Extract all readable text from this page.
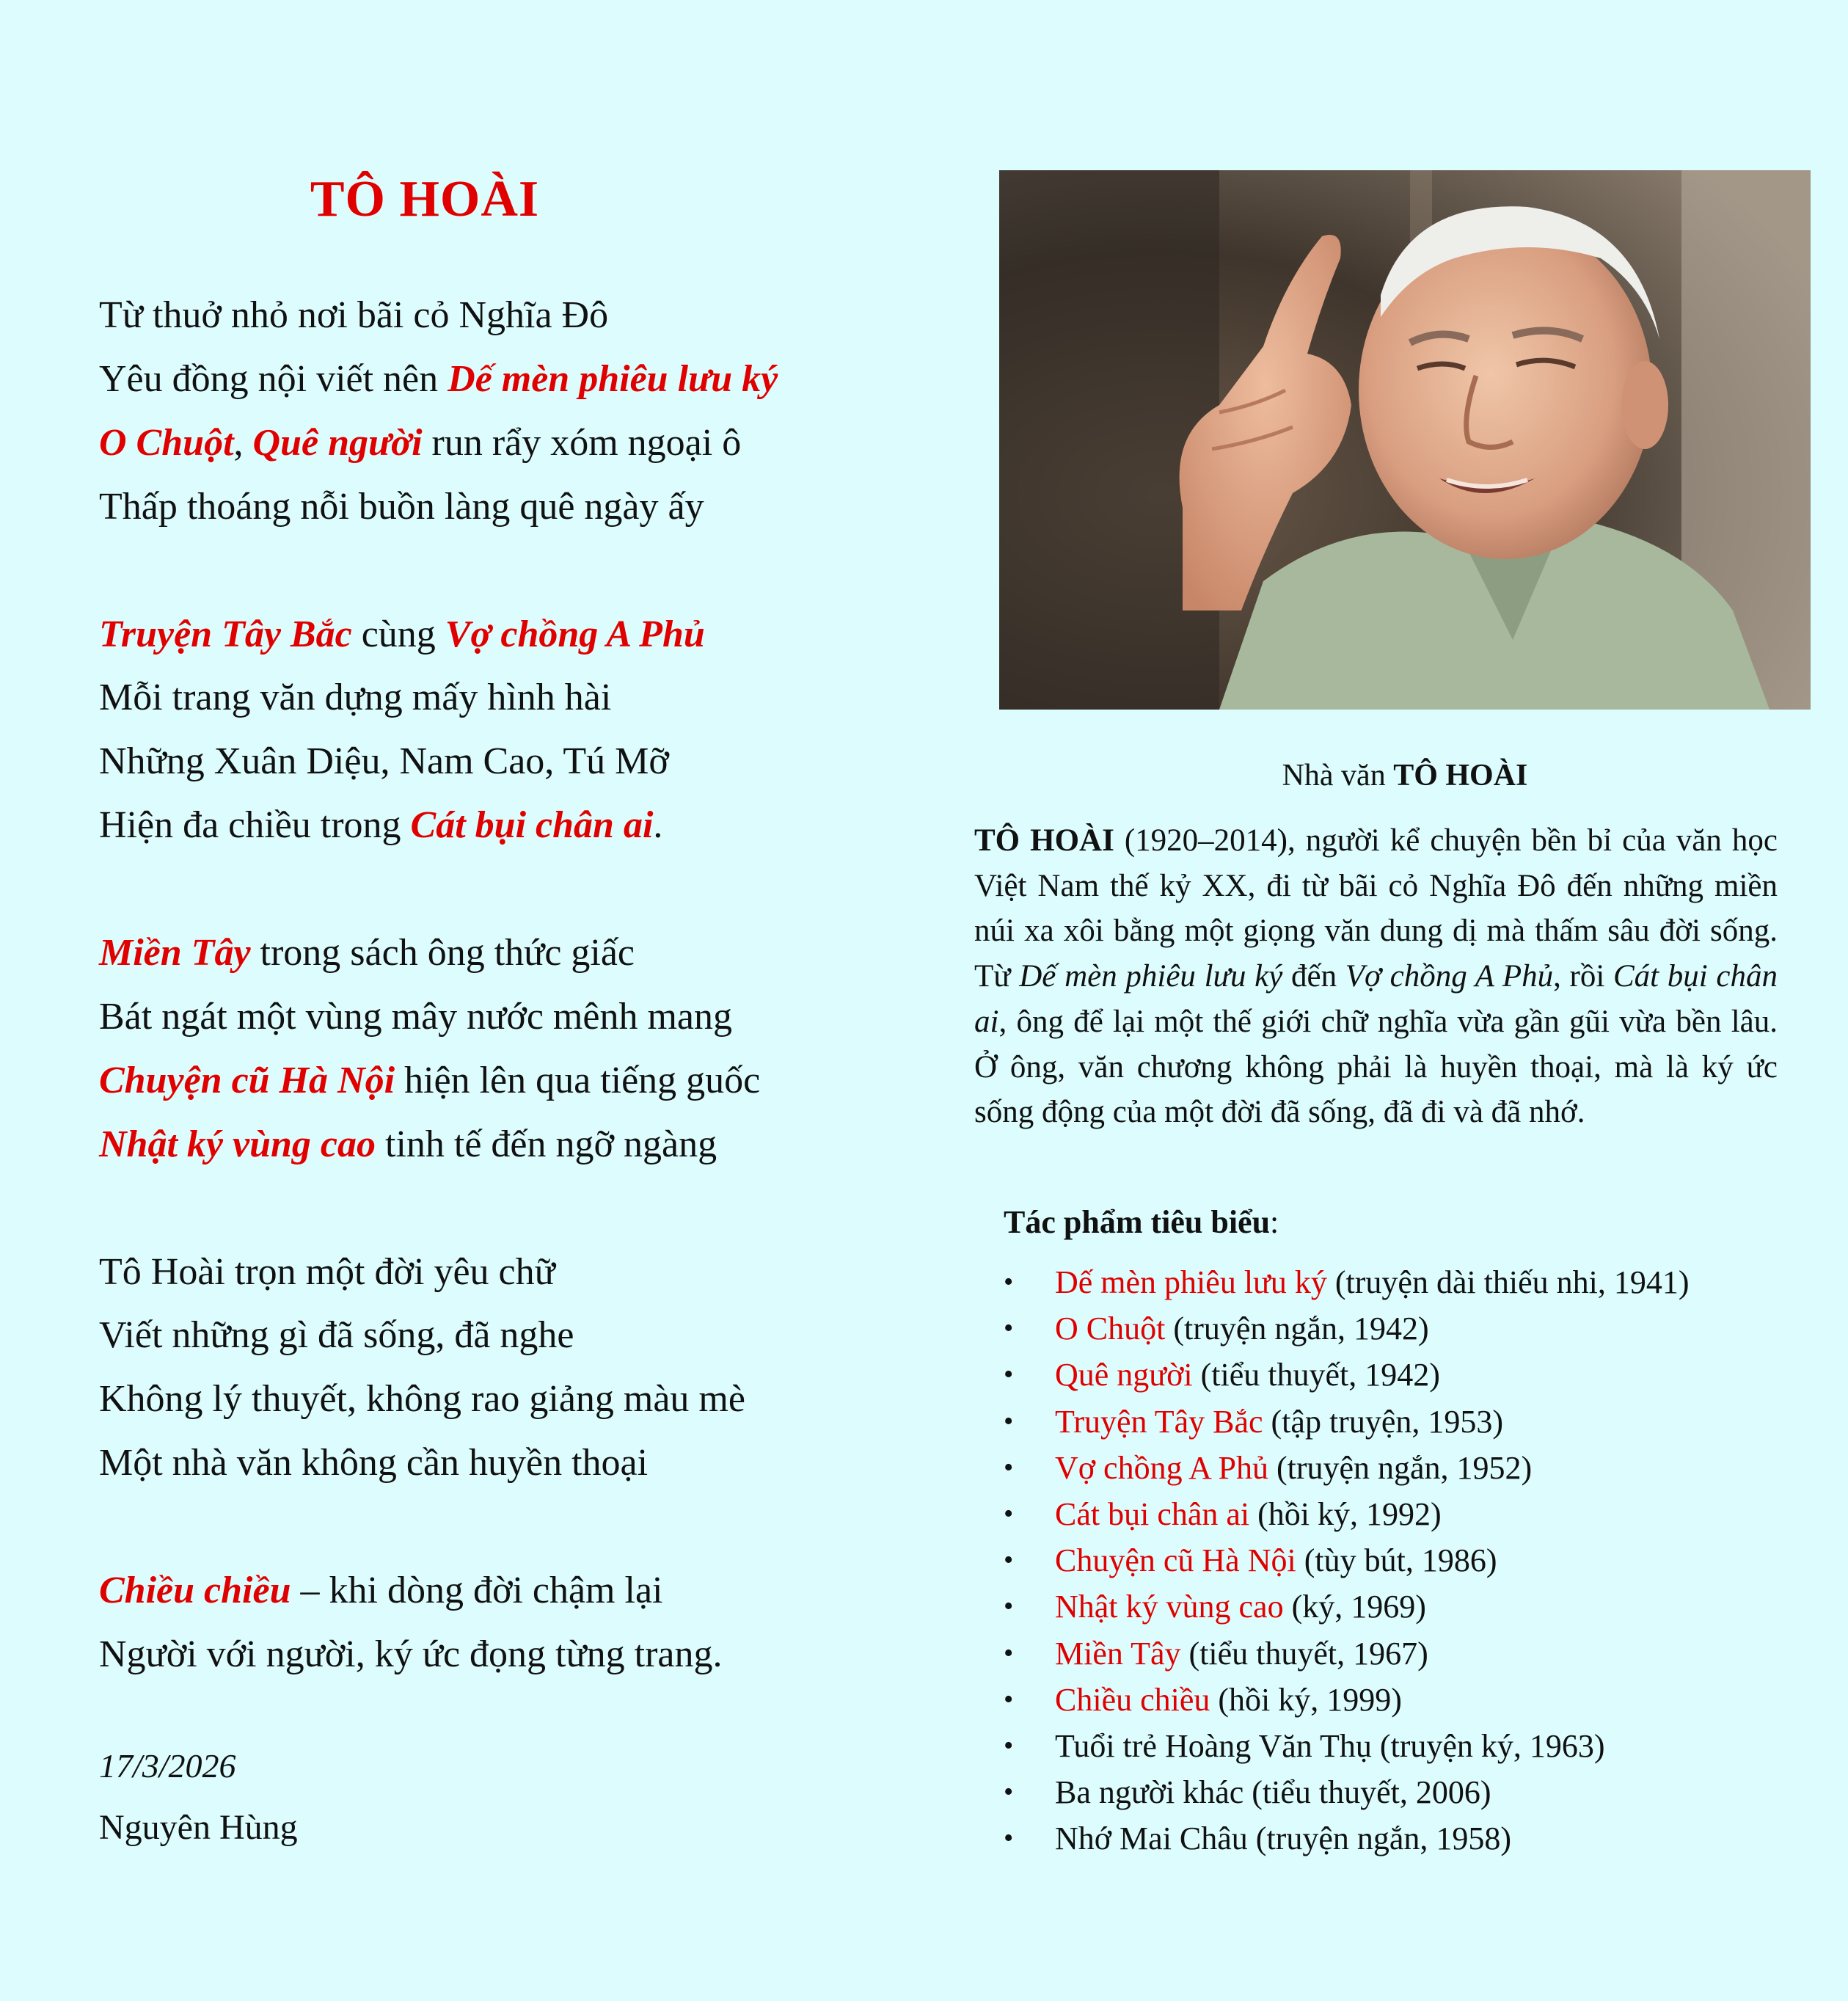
TÔ HOÀI

Từ thuở nhỏ nơi bãi cỏ Nghĩa Đô

Yêu đồng nội viết nên Dế mèn phiêu lưu ký

O Chuột, Quê người run rẩy xóm ngoại ô

Thấp thoáng nỗi buồn làng quê ngày ấy

Truyện Tây Bắc cùng Vợ chồng A Phủ

Mỗi trang văn dựng mấy hình hài

Những Xuân Diệu, Nam Cao, Tú Mỡ

Hiện đa chiều trong Cát bụi chân ai.

Miền Tây trong sách ông thức giấc

Bát ngát một vùng mây nước mênh mang

Chuyện cũ Hà Nội hiện lên qua tiếng guốc

Nhật ký vùng cao tinh tế đến ngỡ ngàng

Tô Hoài trọn một đời yêu chữ

Viết những gì đã sống, đã nghe

Không lý thuyết, không rao giảng màu mè

Một nhà văn không cần huyền thoại

Chiều chiều – khi dòng đời chậm lại

Người với người, ký ức đọng từng trang.

17/3/2026

Nguyên Hùng

Nhà văn TÔ HOÀI

TÔ HOÀI (1920–2014), người kể chuyện bền bỉ của văn học Việt Nam thế kỷ XX, đi từ bãi cỏ Nghĩa Đô đến những miền núi xa xôi bằng một giọng văn dung dị mà thấm sâu đời sống. Từ Dế mèn phiêu lưu ký đến Vợ chồng A Phủ, rồi Cát bụi chân ai, ông để lại một thế giới chữ nghĩa vừa gần gũi vừa bền lâu. Ở ông, văn chương không phải là huyền thoại, mà là ký ức sống động của một đời đã sống, đã đi và đã nhớ.

Tác phẩm tiêu biểu:

• Dế mèn phiêu lưu ký (truyện dài thiếu nhi, 1941)
• O Chuột (truyện ngắn, 1942)
• Quê người (tiểu thuyết, 1942)
• Truyện Tây Bắc (tập truyện, 1953)
• Vợ chồng A Phủ (truyện ngắn, 1952)
• Cát bụi chân ai (hồi ký, 1992)
• Chuyện cũ Hà Nội (tùy bút, 1986)
• Nhật ký vùng cao (ký, 1969)
• Miền Tây (tiểu thuyết, 1967)
• Chiều chiều (hồi ký, 1999)
• Tuổi trẻ Hoàng Văn Thụ (truyện ký, 1963)
• Ba người khác (tiểu thuyết, 2006)
• Nhớ Mai Châu (truyện ngắn, 1958)
